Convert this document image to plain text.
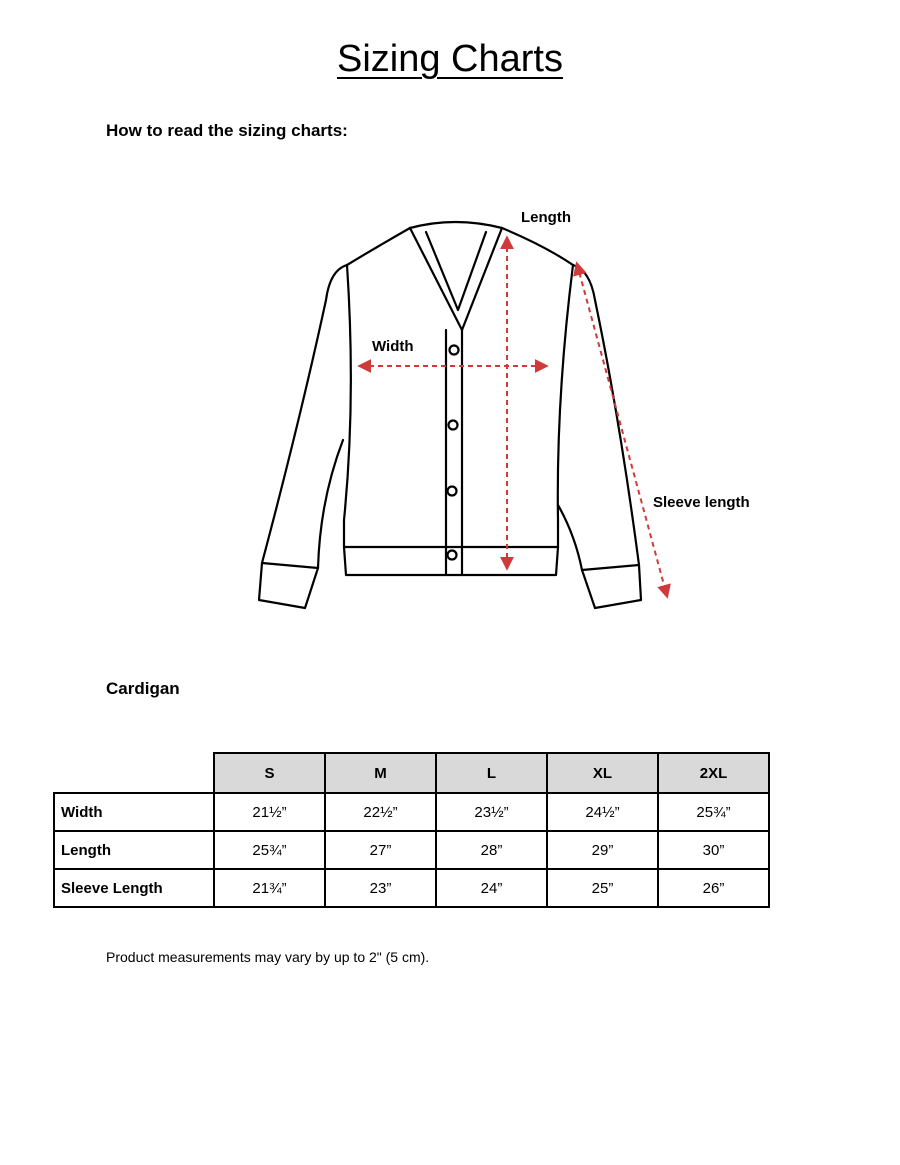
Sizing Charts
How to read the sizing charts:
Length
Width
Sleeve length
Cardigan
	S	M	L	XL	2XL
Width	21½”	22½”	23½”	24½”	25¾”
Length	25¾”	27”	28”	29”	30”
Sleeve Length	21¾”	23”	24”	25”	26”
Product measurements may vary by up to 2" (5 cm).
